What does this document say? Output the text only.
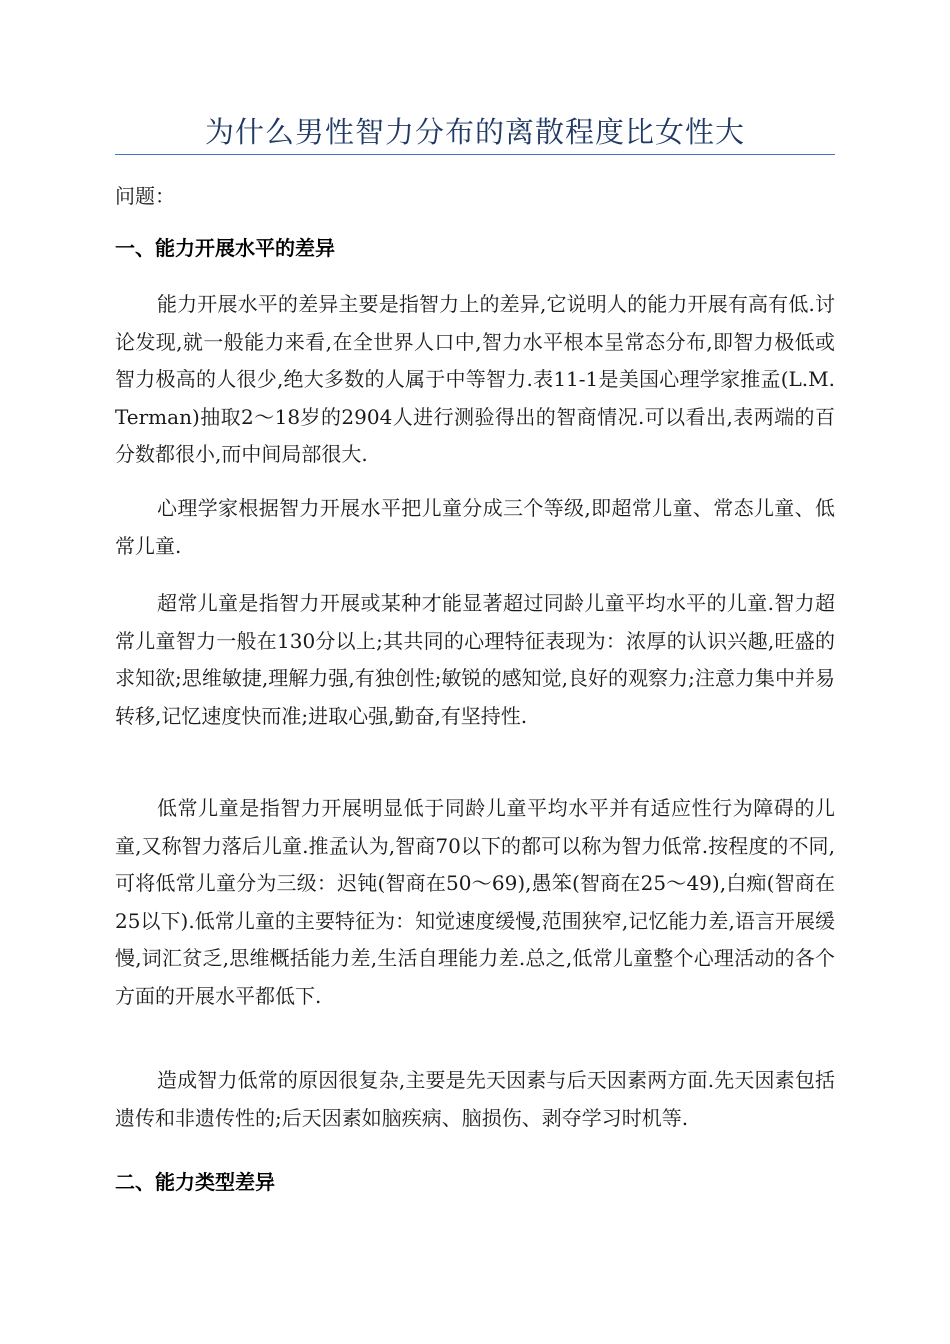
为什么男性智力分布的离散程度比女性大
问题：
一、能力开展水平的差异

能力开展水平的差异主要是指智力上的差异,它说明人的能力开展有高有低.讨论发现,就一般能力来看,在全世界人口中,智力水平根本呈常态分布,即智力极低或智力极高的人很少,绝大多数的人属于中等智力.表11-1是美国心理学家推孟(L.M.Terman)抽取2～18岁的2904人进行测验得出的智商情况.可以看出,表两端的百分数都很小,而中间局部很大.

心理学家根据智力开展水平把儿童分成三个等级,即超常儿童、常态儿童、低常儿童.

超常儿童是指智力开展或某种才能显著超过同龄儿童平均水平的儿童.智力超常儿童智力一般在130分以上;其共同的心理特征表现为：浓厚的认识兴趣,旺盛的求知欲;思维敏捷,理解力强,有独创性;敏锐的感知觉,良好的观察力;注意力集中并易转移,记忆速度快而准;进取心强,勤奋,有坚持性.

低常儿童是指智力开展明显低于同龄儿童平均水平并有适应性行为障碍的儿童,又称智力落后儿童.推孟认为,智商70以下的都可以称为智力低常.按程度的不同,可将低常儿童分为三级：迟钝(智商在50～69),愚笨(智商在25～49),白痴(智商在25以下).低常儿童的主要特征为：知觉速度缓慢,范围狭窄,记忆能力差,语言开展缓慢,词汇贫乏,思维概括能力差,生活自理能力差.总之,低常儿童整个心理活动的各个方面的开展水平都低下.

造成智力低常的原因很复杂,主要是先天因素与后天因素两方面.先天因素包括遗传和非遗传性的;后天因素如脑疾病、脑损伤、剥夺学习时机等.

二、能力类型差异
